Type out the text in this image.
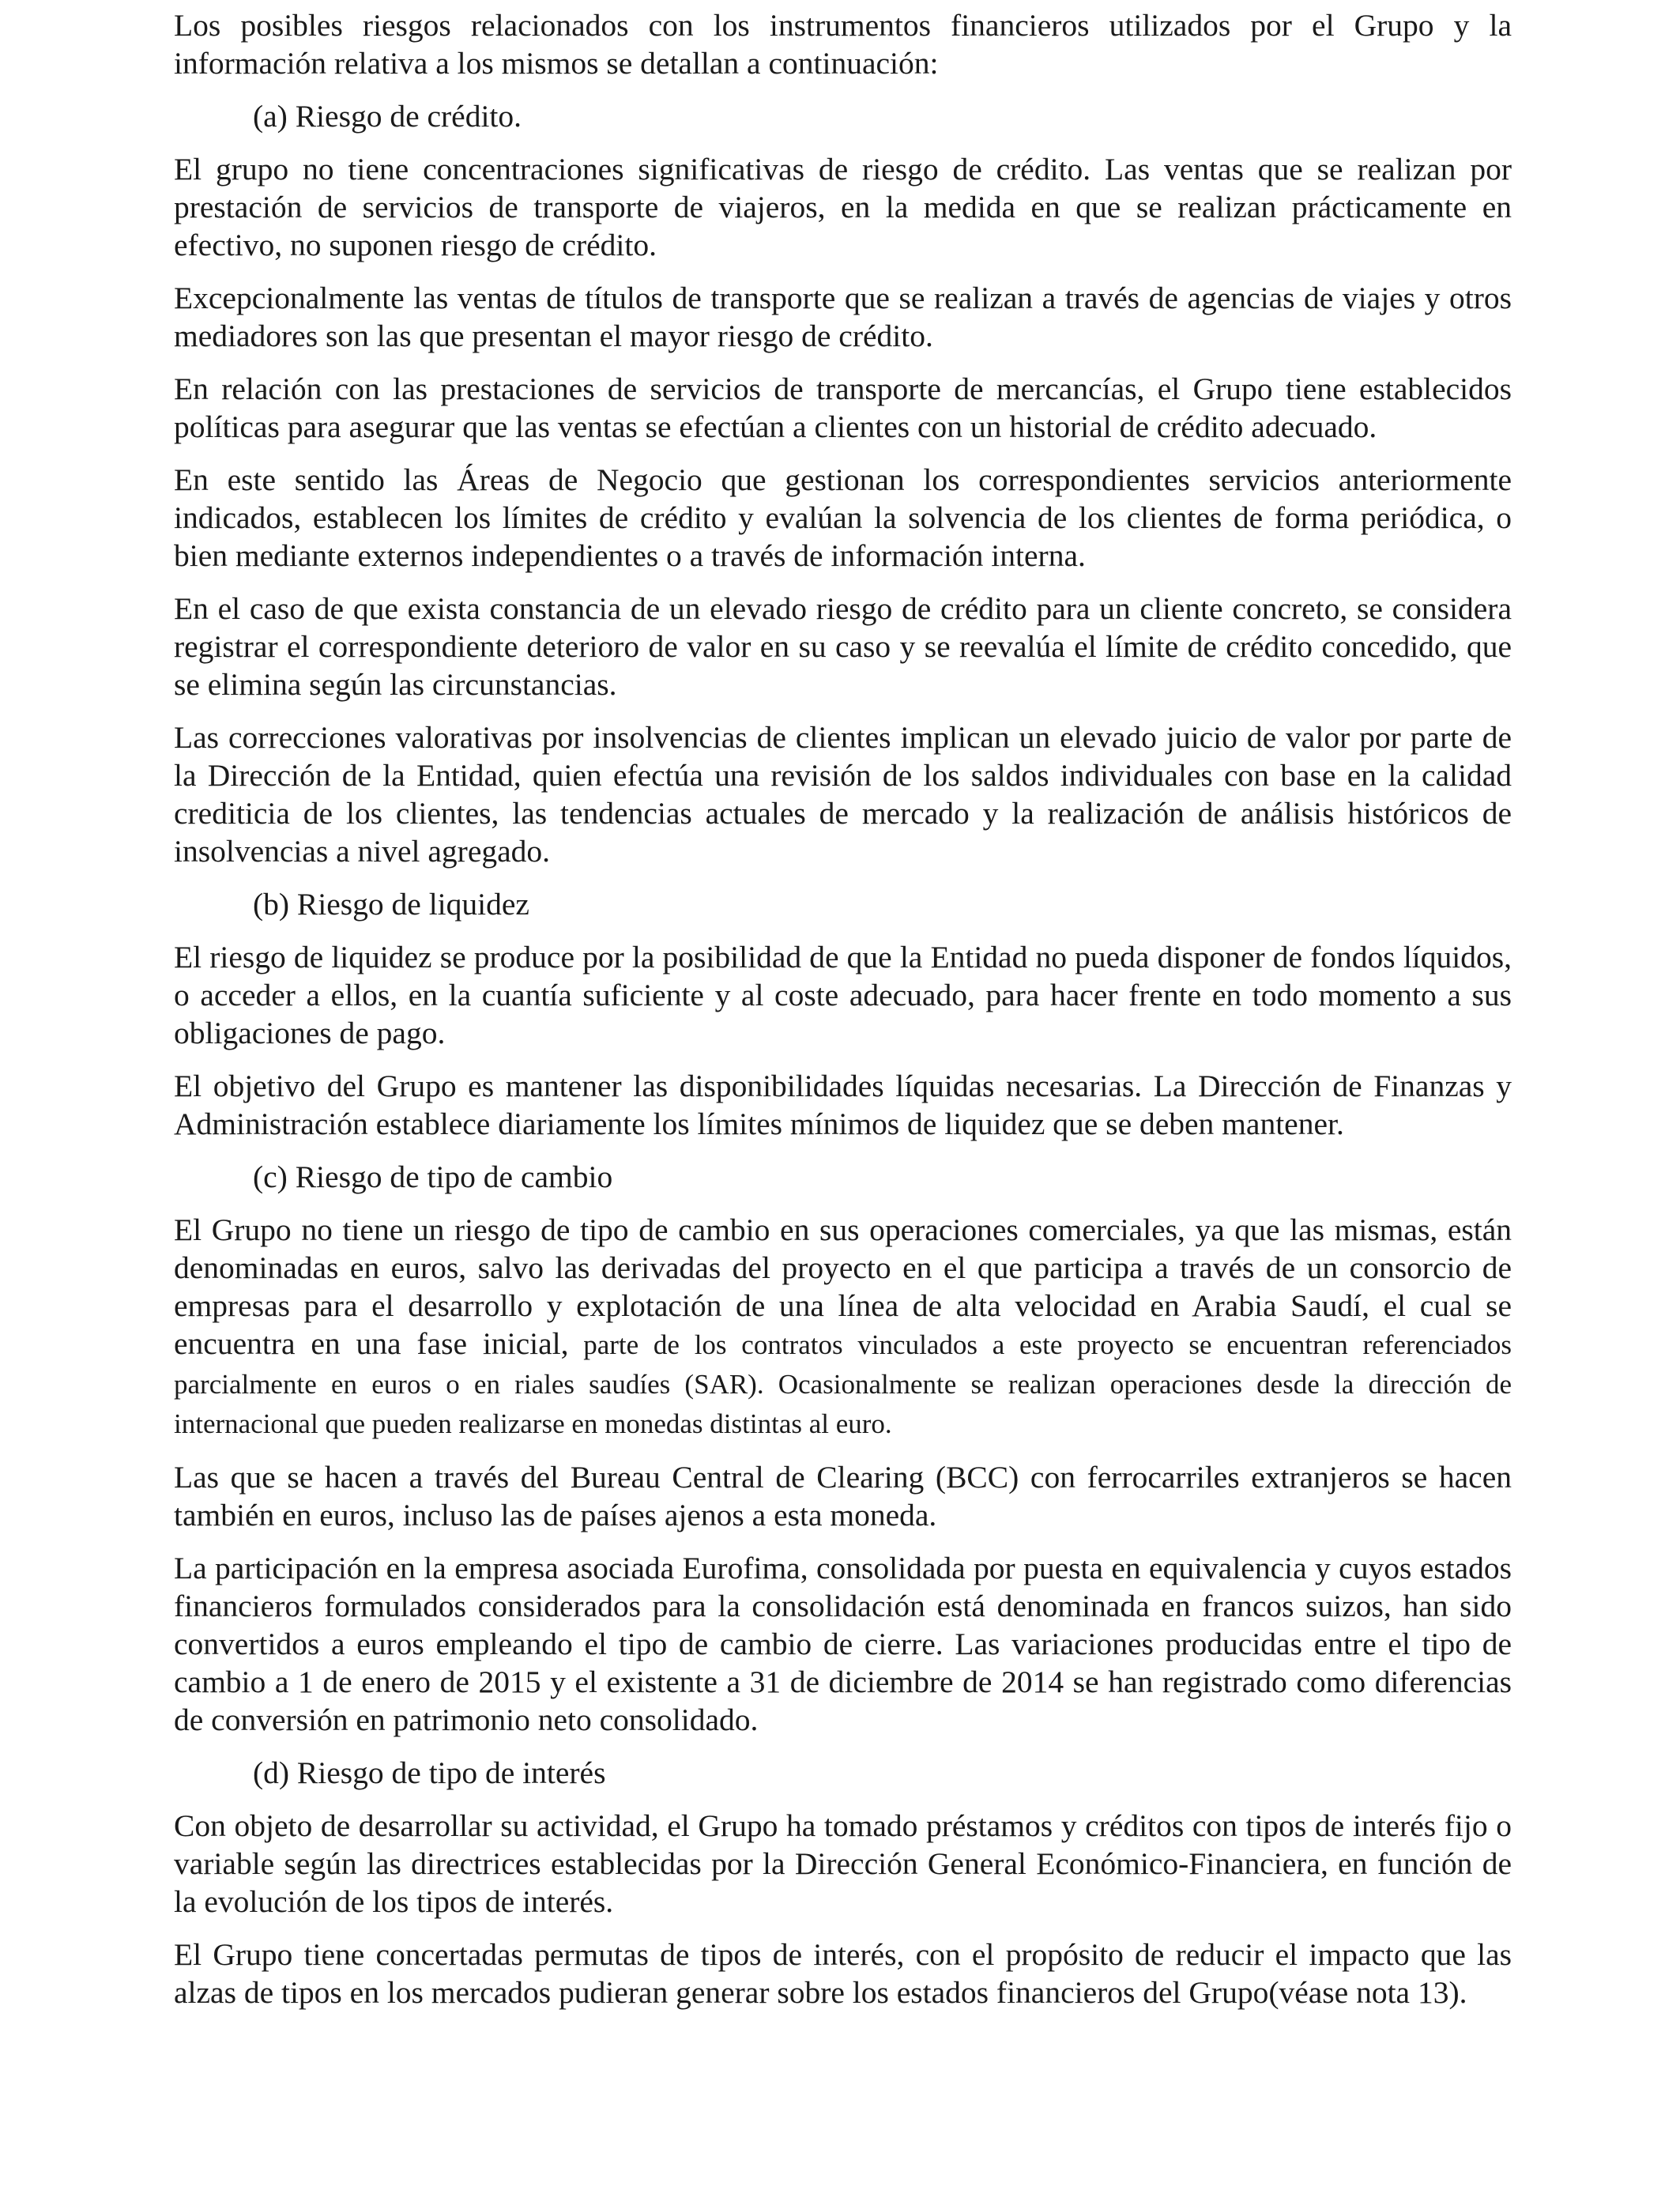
Los posibles riesgos relacionados con los instrumentos financieros utilizados por el Grupo y la información relativa a los mismos se detallan a continuación:

(a) Riesgo de crédito.

El grupo no tiene concentraciones significativas de riesgo de crédito. Las ventas que se realizan por prestación de servicios de transporte de viajeros, en la medida en que se realizan prácticamente en efectivo, no suponen riesgo de crédito.

Excepcionalmente las ventas de títulos de transporte que se realizan a través de agencias de viajes y otros mediadores son las que presentan el mayor riesgo de crédito.

En relación con las prestaciones de servicios de transporte de mercancías, el Grupo tiene establecidos políticas para asegurar que las ventas se efectúan a clientes con un historial de crédito adecuado.

En este sentido las Áreas de Negocio que gestionan los correspondientes servicios anteriormente indicados, establecen los límites de crédito y evalúan la solvencia de los clientes de forma periódica, o bien mediante externos independientes o a través de información interna.

En el caso de que exista constancia de un elevado riesgo de crédito para un cliente concreto, se considera registrar el correspondiente deterioro de valor en su caso y se reevalúa el límite de crédito concedido, que se elimina según las circunstancias.

Las correcciones valorativas por insolvencias de clientes implican un elevado juicio de valor por parte de la Dirección de la Entidad, quien efectúa una revisión de los saldos individuales con base en la calidad crediticia de los clientes, las tendencias actuales de mercado y la realización de análisis históricos de insolvencias a nivel agregado.

(b) Riesgo de liquidez

El riesgo de liquidez se produce por la posibilidad de que la Entidad no pueda disponer de fondos líquidos, o acceder a ellos, en la cuantía suficiente y al coste adecuado, para hacer frente en todo momento a sus obligaciones de pago.

El objetivo del Grupo es mantener las disponibilidades líquidas necesarias. La Dirección de Finanzas y Administración establece diariamente los límites mínimos de liquidez que se deben mantener.

(c) Riesgo de tipo de cambio

El Grupo no tiene un riesgo de tipo de cambio en sus operaciones comerciales, ya que las mismas, están denominadas en euros, salvo las derivadas del proyecto en el que participa a través de un consorcio de empresas para el desarrollo y explotación de una línea de alta velocidad en Arabia Saudí, el cual se encuentra en una fase inicial, parte de los contratos vinculados a este proyecto se encuentran referenciados parcialmente en euros o en riales saudíes (SAR). Ocasionalmente se realizan operaciones desde la dirección de internacional que pueden realizarse en monedas distintas al euro.

Las que se hacen a través del Bureau Central de Clearing (BCC) con ferrocarriles extranjeros se hacen también en euros, incluso las de países ajenos a esta moneda.

La participación en la empresa asociada Eurofima, consolidada por puesta en equivalencia y cuyos estados financieros formulados considerados para la consolidación está denominada en francos suizos, han sido convertidos a euros empleando el tipo de cambio de cierre. Las variaciones producidas entre el tipo de cambio a 1 de enero de 2015 y el existente a 31 de diciembre de 2014 se han registrado como diferencias de conversión en patrimonio neto consolidado.

(d) Riesgo de tipo de interés

Con objeto de desarrollar su actividad, el Grupo ha tomado préstamos y créditos con tipos de interés fijo o variable según las directrices establecidas por la Dirección General Económico-Financiera, en función de la evolución de los tipos de interés.

El Grupo tiene concertadas permutas de tipos de interés, con el propósito de reducir el impacto que las alzas de tipos en los mercados pudieran generar sobre los estados financieros del Grupo(véase nota 13).
